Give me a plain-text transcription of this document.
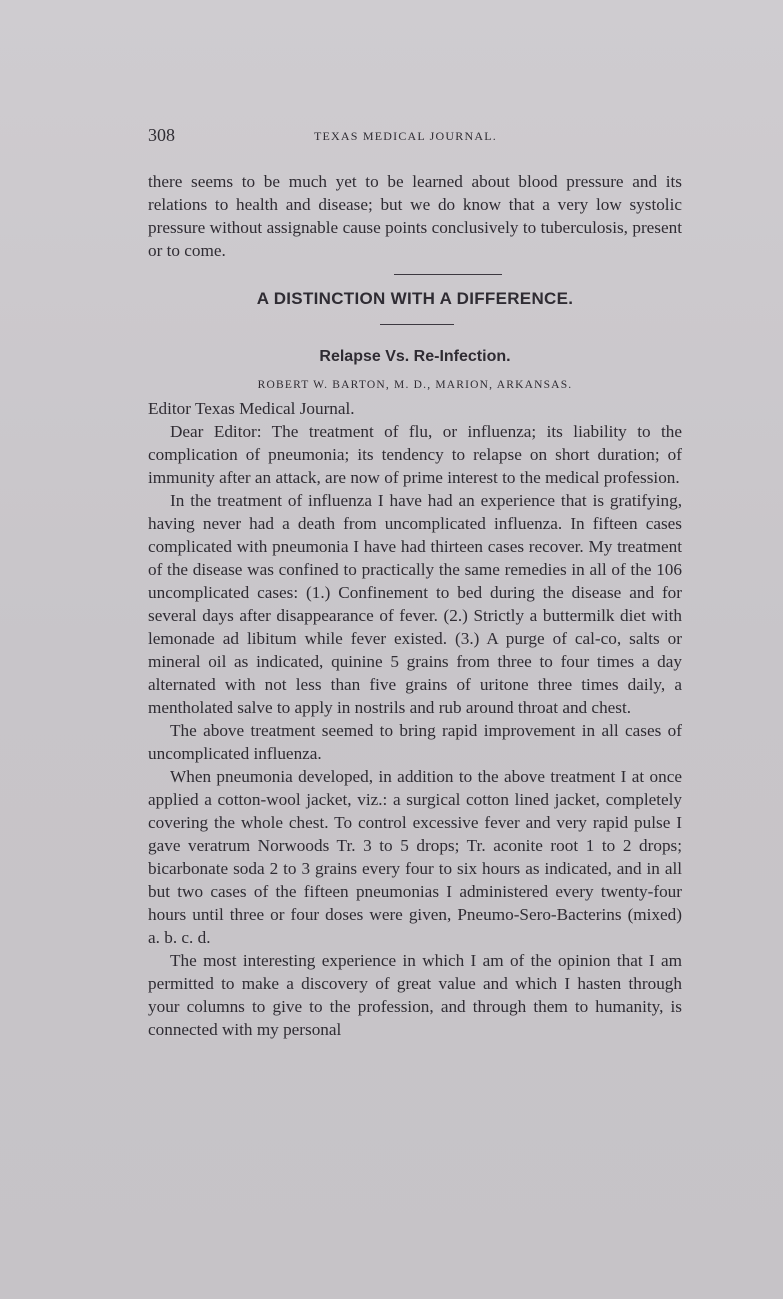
308	TEXAS MEDICAL JOURNAL.

there seems to be much yet to be learned about blood pressure and its relations to health and disease; but we do know that a very low systolic pressure without assignable cause points conclusively to tuberculosis, present or to come.

A DISTINCTION WITH A DIFFERENCE.
Relapse Vs. Re-Infection.
ROBERT W. BARTON, M. D., MARION, ARKANSAS.

Editor Texas Medical Journal.

Dear Editor: The treatment of flu, or influenza; its liability to the complication of pneumonia; its tendency to relapse on short duration; of immunity after an attack, are now of prime interest to the medical profession.

In the treatment of influenza I have had an experience that is gratifying, having never had a death from uncomplicated influenza. In fifteen cases complicated with pneumonia I have had thirteen cases recover. My treatment of the disease was confined to practically the same remedies in all of the 106 uncomplicated cases: (1.) Confinement to bed during the disease and for several days after disappearance of fever. (2.) Strictly a buttermilk diet with lemonade ad libitum while fever existed. (3.) A purge of cal-co, salts or mineral oil as indicated, quinine 5 grains from three to four times a day alternated with not less than five grains of uritone three times daily, a mentholated salve to apply in nostrils and rub around throat and chest.

The above treatment seemed to bring rapid improvement in all cases of uncomplicated influenza.

When pneumonia developed, in addition to the above treatment I at once applied a cotton-wool jacket, viz.: a surgical cotton lined jacket, completely covering the whole chest. To control excessive fever and very rapid pulse I gave veratrum Norwoods Tr. 3 to 5 drops; Tr. aconite root 1 to 2 drops; bicarbonate soda 2 to 3 grains every four to six hours as indicated, and in all but two cases of the fifteen pneumonias I administered every twenty-four hours until three or four doses were given, Pneumo-Sero-Bacterins (mixed) a. b. c. d.

The most interesting experience in which I am of the opinion that I am permitted to make a discovery of great value and which I hasten through your columns to give to the profession, and through them to humanity, is connected with my personal
